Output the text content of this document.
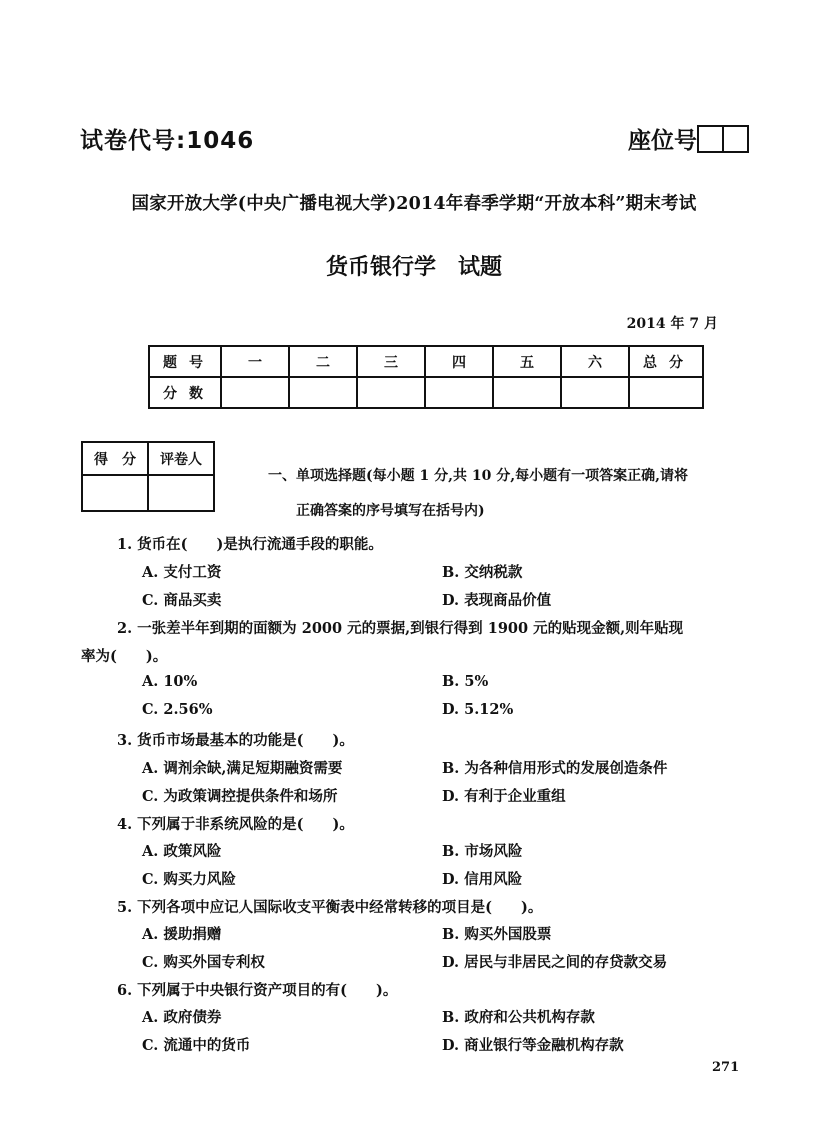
试卷代号:1046	座位号
国家开放大学(中央广播电视大学)2014年春季学期“开放本科”期末考试
货币银行学　试题
2014 年 7 月
题号	一	二	三	四	五	六	总分
分数							
得　分	评卷人

一、单项选择题(每小题 1 分,共 10 分,每小题有一项答案正确,请将
正确答案的序号填写在括号内)
1. 货币在(　　)是执行流通手段的职能。
A. 支付工资	B. 交纳税款
C. 商品买卖	D. 表现商品价值
2. 一张差半年到期的面额为 2000 元的票据,到银行得到 1900 元的贴现金额,则年贴现
率为(　　)。
A. 10%	B. 5%
C. 2.56%	D. 5.12%
3. 货币市场最基本的功能是(　　)。
A. 调剂余缺,满足短期融资需要	B. 为各种信用形式的发展创造条件
C. 为政策调控提供条件和场所	D. 有利于企业重组
4. 下列属于非系统风险的是(　　)。
A. 政策风险	B. 市场风险
C. 购买力风险	D. 信用风险
5. 下列各项中应记人国际收支平衡表中经常转移的项目是(　　)。
A. 援助捐赠	B. 购买外国股票
C. 购买外国专利权	D. 居民与非居民之间的存贷款交易
6. 下列属于中央银行资产项目的有(　　)。
A. 政府债券	B. 政府和公共机构存款
C. 流通中的货币	D. 商业银行等金融机构存款
271
